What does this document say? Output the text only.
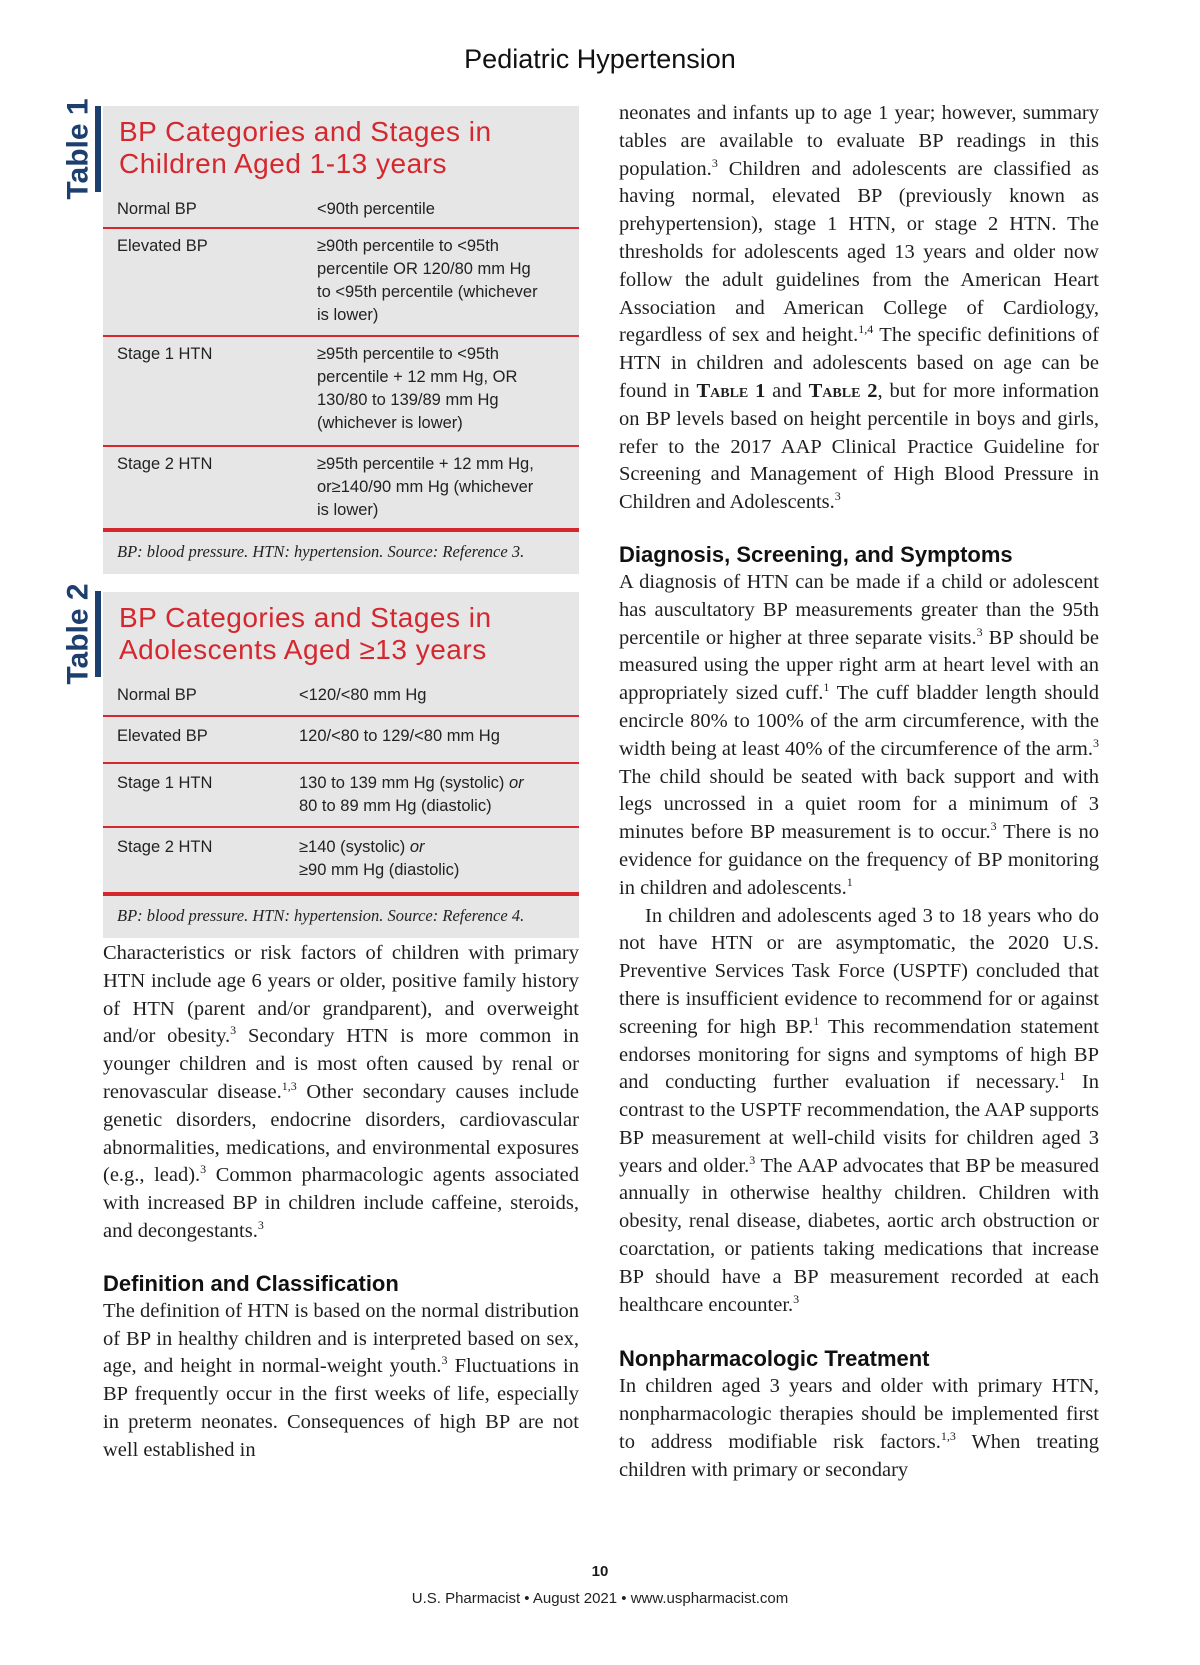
Pediatric Hypertension
Table 1 BP Categories and Stages in
Children Aged 1-13 years
Normal BP	<90th percentile
Elevated BP	≥90th percentile to <95th percentile OR 120/80 mm Hg to <95th percentile (whichever is lower)
Stage 1 HTN	≥95th percentile to <95th percentile + 12 mm Hg, OR 130/80 to 139/89 mm Hg (whichever is lower)
Stage 2 HTN	≥95th percentile + 12 mm Hg, or≥140/90 mm Hg (whichever is lower)
BP: blood pressure. HTN: hypertension. Source: Reference 3.
Table 2 BP Categories and Stages in
Adolescents Aged ≥13 years
Normal BP	<120/<80 mm Hg
Elevated BP	120/<80 to 129/<80 mm Hg
Stage 1 HTN	130 to 139 mm Hg (systolic) or
80 to 89 mm Hg (diastolic)
Stage 2 HTN	≥140 (systolic) or
≥90 mm Hg (diastolic)
BP: blood pressure. HTN: hypertension. Source: Reference 4.

Characteristics or risk factors of children with primary HTN include age 6 years or older, positive family history of HTN (parent and/or grandparent), and overweight and/or obesity.$^3$ Secondary HTN is more common in younger children and is most often caused by renal or renovascular disease.$^{1,3}$ Other secondary causes include genetic disorders, endocrine disorders, cardiovascular abnormalities, medications, and environmental exposures (e.g., lead).$^3$ Common pharmacologic agents associated with increased BP in children include caffeine, steroids, and decongestants.$^3$

Definition and Classification

The definition of HTN is based on the normal distribution of BP in healthy children and is interpreted based on sex, age, and height in normal-weight youth.$^3$ Fluctuations in BP frequently occur in the first weeks of life, especially in preterm neonates. Consequences of high BP are not well established in

neonates and infants up to age 1 year; however, summary tables are available to evaluate BP readings in this population.$^3$ Children and adolescents are classified as having normal, elevated BP (previously known as prehypertension), stage 1 HTN, or stage 2 HTN. The thresholds for adolescents aged 13 years and older now follow the adult guidelines from the American Heart Association and American College of Cardiology, regardless of sex and height.$^{1,4}$ The specific definitions of HTN in children and adolescents based on age can be found in Table 1 and Table 2, but for more information on BP levels based on height percentile in boys and girls, refer to the 2017 AAP Clinical Practice Guideline for Screening and Management of High Blood Pressure in Children and Adolescents.$^3$

Diagnosis, Screening, and Symptoms

A diagnosis of HTN can be made if a child or adolescent has auscultatory BP measurements greater than the 95th percentile or higher at three separate visits.$^3$ BP should be measured using the upper right arm at heart level with an appropriately sized cuff.$^1$ The cuff bladder length should encircle 80% to 100% of the arm circumference, with the width being at least 40% of the circumference of the arm.$^3$ The child should be seated with back support and with legs uncrossed in a quiet room for a minimum of 3 minutes before BP measurement is to occur.$^3$ There is no evidence for guidance on the frequency of BP monitoring in children and adolescents.$^1$

In children and adolescents aged 3 to 18 years who do not have HTN or are asymptomatic, the 2020 U.S. Preventive Services Task Force (USPTF) concluded that there is insufficient evidence to recommend for or against screening for high BP.$^1$ This recommendation statement endorses monitoring for signs and symptoms of high BP and conducting further evaluation if necessary.$^1$ In contrast to the USPTF recommendation, the AAP supports BP measurement at well-child visits for children aged 3 years and older.$^3$ The AAP advocates that BP be measured annually in otherwise healthy children. Children with obesity, renal disease, diabetes, aortic arch obstruction or coarctation, or patients taking medications that increase BP should have a BP measurement recorded at each healthcare encounter.$^3$

Nonpharmacologic Treatment

In children aged 3 years and older with primary HTN, nonpharmacologic therapies should be implemented first to address modifiable risk factors.$^{1,3}$ When treating children with primary or secondary

10
U.S. Pharmacist • August 2021 • www.uspharmacist.com
